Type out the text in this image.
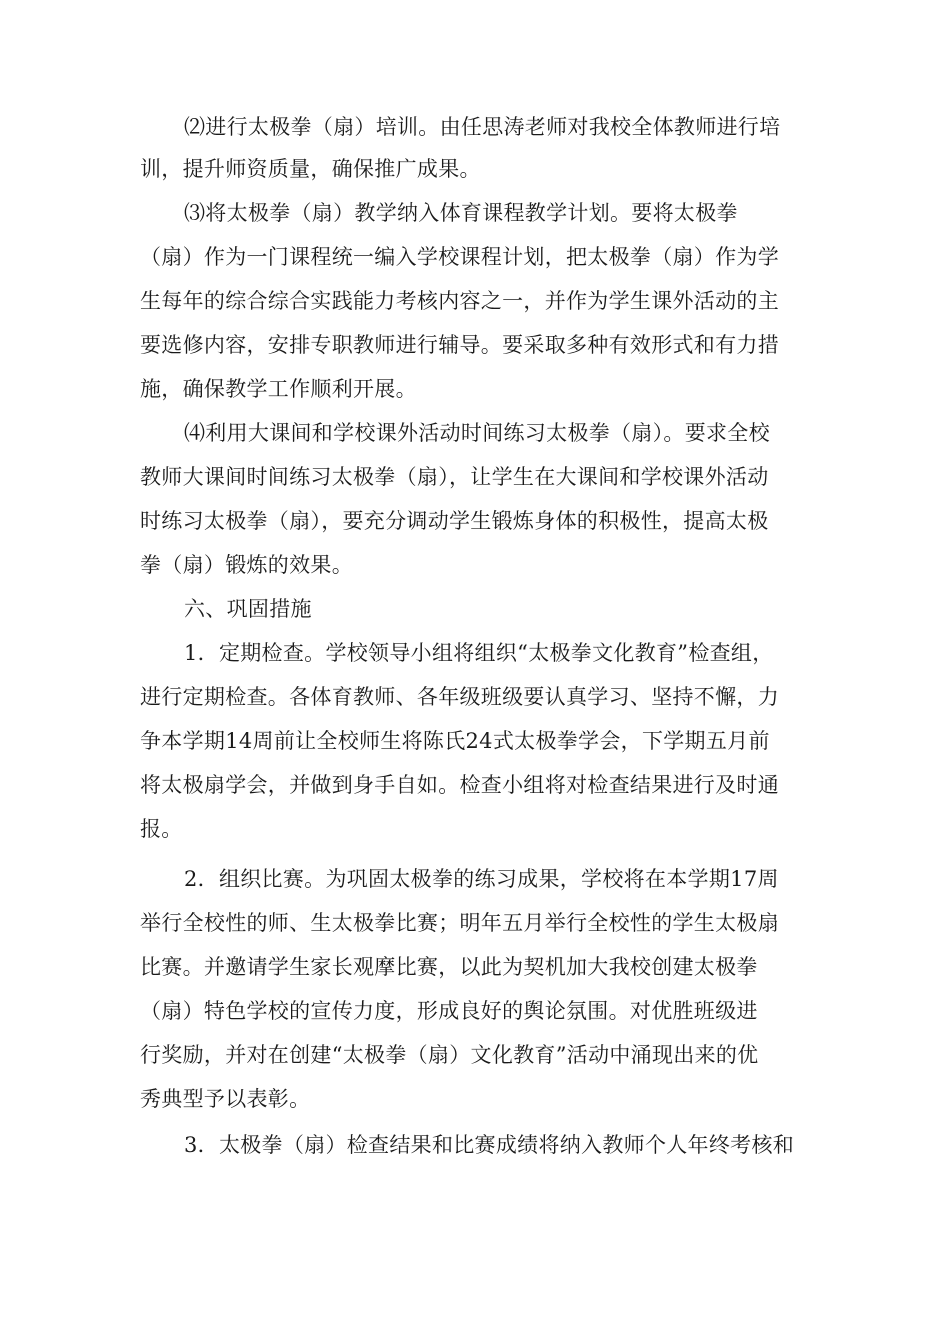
⑵进行太极拳（扇）培训。由任思涛老师对我校全体教师进行培
训，提升师资质量，确保推广成果。
⑶将太极拳（扇）教学纳入体育课程教学计划。要将太极拳
（扇）作为一门课程统一编入学校课程计划，把太极拳（扇）作为学
生每年的综合综合实践能力考核内容之一，并作为学生课外活动的主
要选修内容，安排专职教师进行辅导。要采取多种有效形式和有力措
施，确保教学工作顺利开展。
⑷利用大课间和学校课外活动时间练习太极拳（扇）。要求全校
教师大课间时间练习太极拳（扇），让学生在大课间和学校课外活动
时练习太极拳（扇），要充分调动学生锻炼身体的积极性，提高太极
拳（扇）锻炼的效果。
六、巩固措施
1．定期检查。学校领导小组将组织“太极拳文化教育”检查组，
进行定期检查。各体育教师、各年级班级要认真学习、坚持不懈，力
争本学期14周前让全校师生将陈氏24式太极拳学会，下学期五月前
将太极扇学会，并做到身手自如。检查小组将对检查结果进行及时通
报。
2．组织比赛。为巩固太极拳的练习成果，学校将在本学期17周
举行全校性的师、生太极拳比赛；明年五月举行全校性的学生太极扇
比赛。并邀请学生家长观摩比赛，以此为契机加大我校创建太极拳
（扇）特色学校的宣传力度，形成良好的舆论氛围。对优胜班级进
行奖励，并对在创建“太极拳（扇）文化教育”活动中涌现出来的优
秀典型予以表彰。
3．太极拳（扇）检查结果和比赛成绩将纳入教师个人年终考核和
